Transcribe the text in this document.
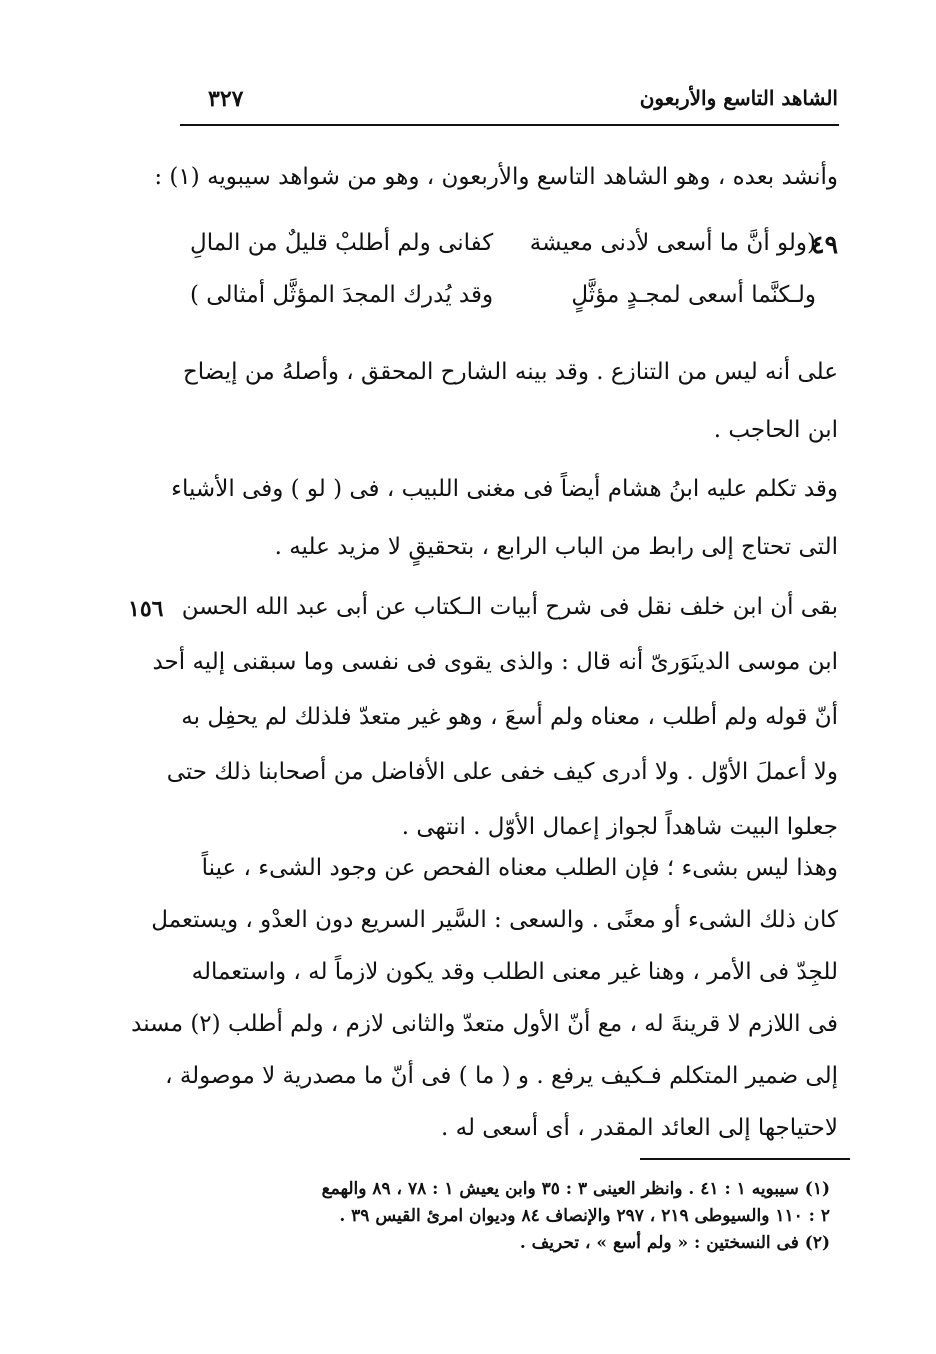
الشاهد التاسع والأربعون
٣٢٧
وأنشد بعده ، وهو الشاهد التاسع والأربعون ، وهو من شواهد سيبويه (١) :
٤٩
(ولو أنَّ ما أسعى لأدنى معيشة
كفانى ولم أطلبْ قليلٌ من المالِ
ولـكنَّما أسعى لمجـدٍ مؤثَّلٍ
وقد يُدرك المجدَ المؤثَّل أمثالى )
على أنه ليس من التنازع . وقد بينه الشارح المحقق ، وأصلهُ من إيضاح
ابن الحاجب .
وقد تكلم عليه ابنُ هشام أيضاً فى مغنى اللبيب ، فى ( لو ) وفى الأشياء
التى تحتاج إلى رابط من الباب الرابع ، بتحقيقٍ لا مزيد عليه .
١٥٦ بقى أن ابن خلف نقل فى شرح أبيات الـكتاب عن أبى عبد الله الحسن
ابن موسى الدينَوَرىّ أنه قال : والذى يقوى فى نفسى وما سبقنى إليه أحد
أنّ قوله ولم أطلب ، معناه ولم أسعَ ، وهو غير متعدّ فلذلك لم يحفِل به
ولا أعملَ الأوّل . ولا أدرى كيف خفى على الأفاضل من أصحابنا ذلك حتى
جعلوا البيت شاهداً لجواز إعمال الأوّل . انتهى .
وهذا ليس بشىء ؛ فإن الطلب معناه الفحص عن وجود الشىء ، عيناً
كان ذلك الشىء أو معنًى . والسعى : السَّير السريع دون العدْو ، ويستعمل
للجِدّ فى الأمر ، وهنا غير معنى الطلب وقد يكون لازماً له ، واستعماله
فى اللازم لا قرينةَ له ، مع أنّ الأول متعدّ والثانى لازم ، ولم أطلب (٢) مسند
إلى ضمير المتكلم فـكيف يرفع . و ( ما ) فى أنّ ما مصدرية لا موصولة ،
لاحتياجها إلى العائد المقدر ، أى أسعى له .
(١) سيبويه ١ : ٤١ . وانظر العينى ٣ : ٣٥ وابن يعيش ١ : ٧٨ ، ٨٩ والهمع
٢ : ١١٠ والسيوطى ٢١٩ ، ٢٩٧ والإنصاف ٨٤ وديوان امرئ القيس ٣٩ .
(٢) فى النسختين : « ولم أسع » ، تحريف .
